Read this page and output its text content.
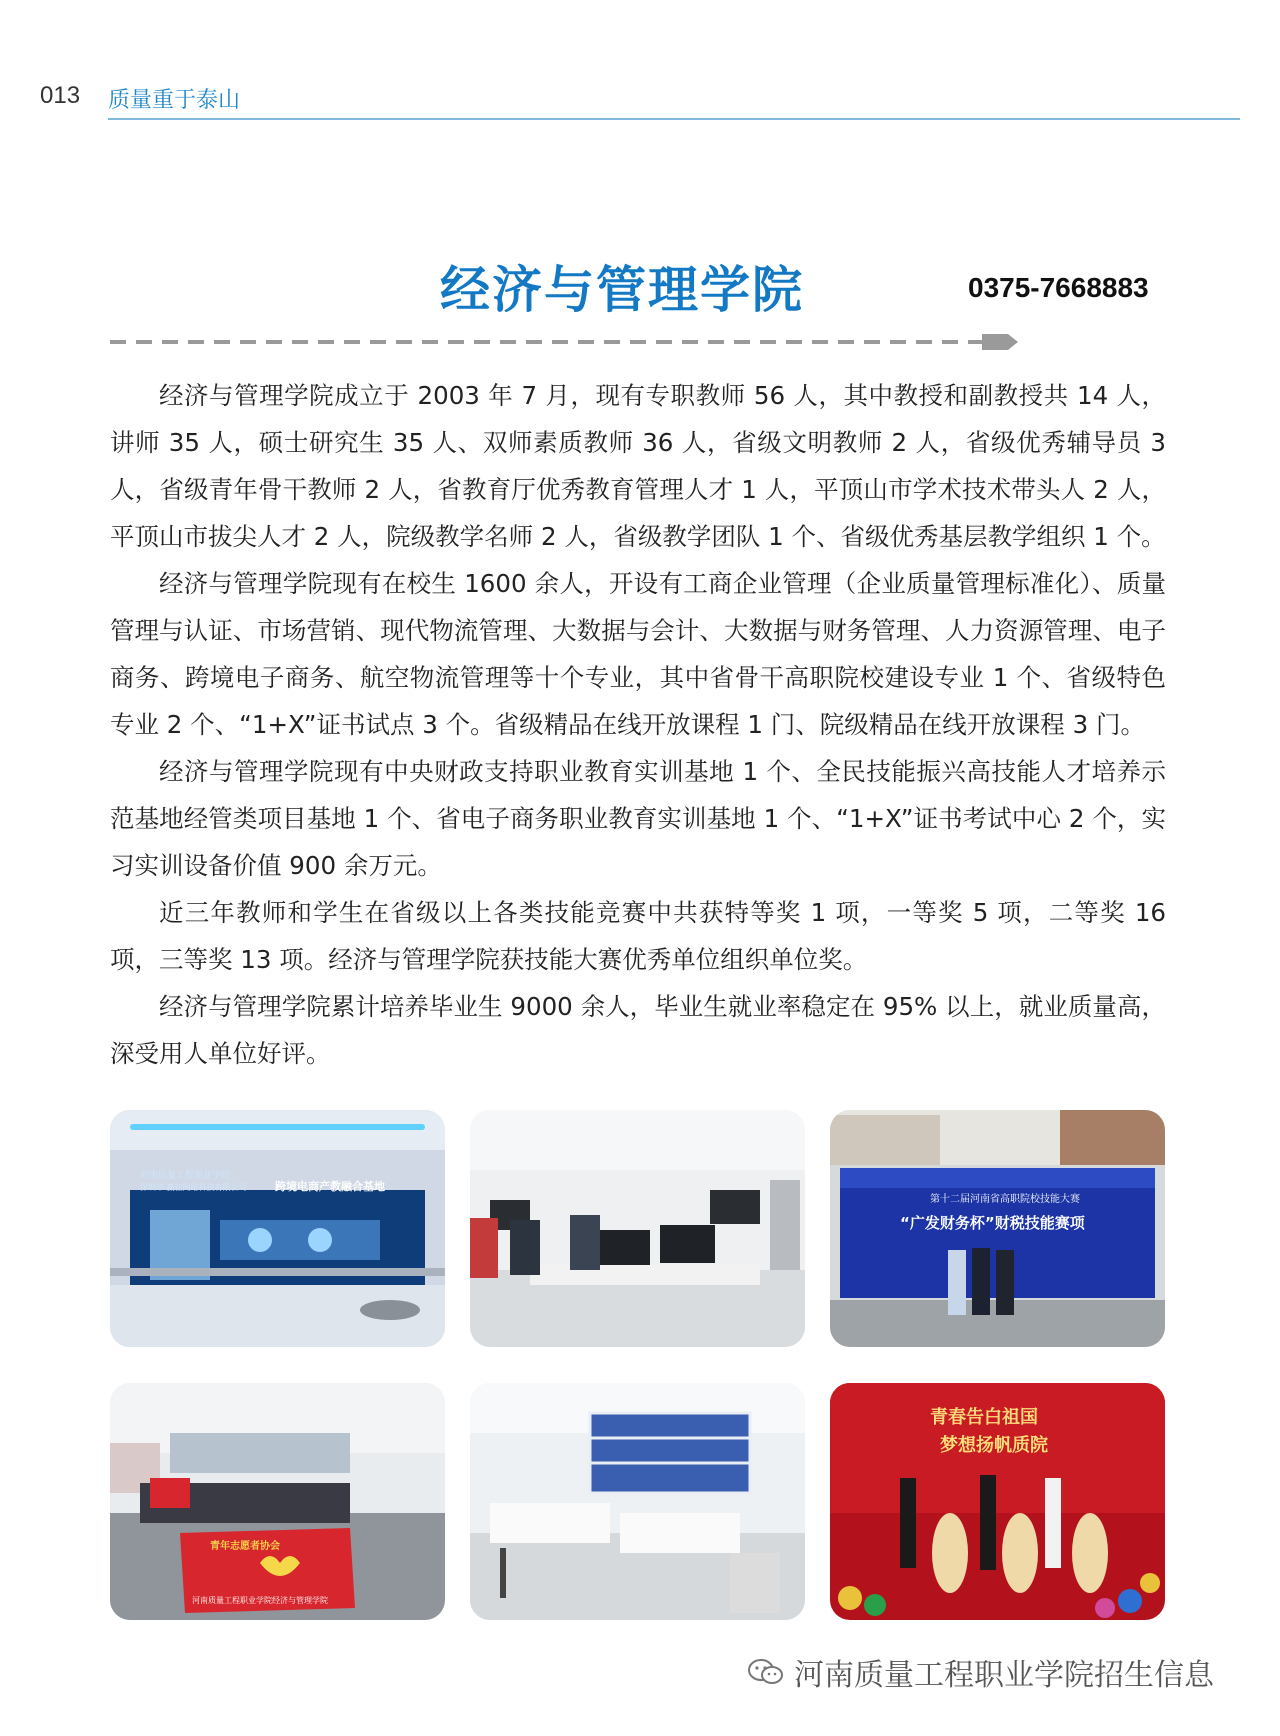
013 质量重于泰山
经济与管理学院	0375-7668883

经济与管理学院成立于 2003 年 7 月，现有专职教师 56 人，其中教授和副教授共 14 人，讲师 35 人，硕士研究生 35 人、双师素质教师 36 人，省级文明教师 2 人，省级优秀辅导员 3 人，省级青年骨干教师 2 人，省教育厅优秀教育管理人才 1 人，平顶山市学术技术带头人 2 人，平顶山市拔尖人才 2 人，院级教学名师 2 人，省级教学团队 1 个、省级优秀基层教学组织 1 个。

经济与管理学院现有在校生 1600 余人，开设有工商企业管理（企业质量管理标准化）、质量管理与认证、市场营销、现代物流管理、大数据与会计、大数据与财务管理、人力资源管理、电子商务、跨境电子商务、航空物流管理等十个专业，其中省骨干高职院校建设专业 1 个、省级特色专业 2 个、“1+X”证书试点 3 个。省级精品在线开放课程 1 门、院级精品在线开放课程 3 门。

经济与管理学院现有中央财政支持职业教育实训基地 1 个、全民技能振兴高技能人才培养示范基地经管类项目基地 1 个、省电子商务职业教育实训基地 1 个、“1+X”证书考试中心 2 个，实习实训设备价值 900 余万元。

近三年教师和学生在省级以上各类技能竞赛中共获特等奖 1 项，一等奖 5 项，二等奖 16 项，三等奖 13 项。经济与管理学院获技能大赛优秀单位组织单位奖。

经济与管理学院累计培养毕业生 9000 余人，毕业生就业率稳定在 95% 以上，就业质量高，深受用人单位好评。

河南质量工程职业学院
深圳市 赢在网络科技有限公司	跨境电商产教融合基地
第十二届河南省高职院校技能大赛
“广发财务杯”财税技能赛项
青年志愿者协会
河南质量工程职业学院经济与管理学院
青春告白祖国
梦想扬帆质院
河南质量工程职业学院招生信息
